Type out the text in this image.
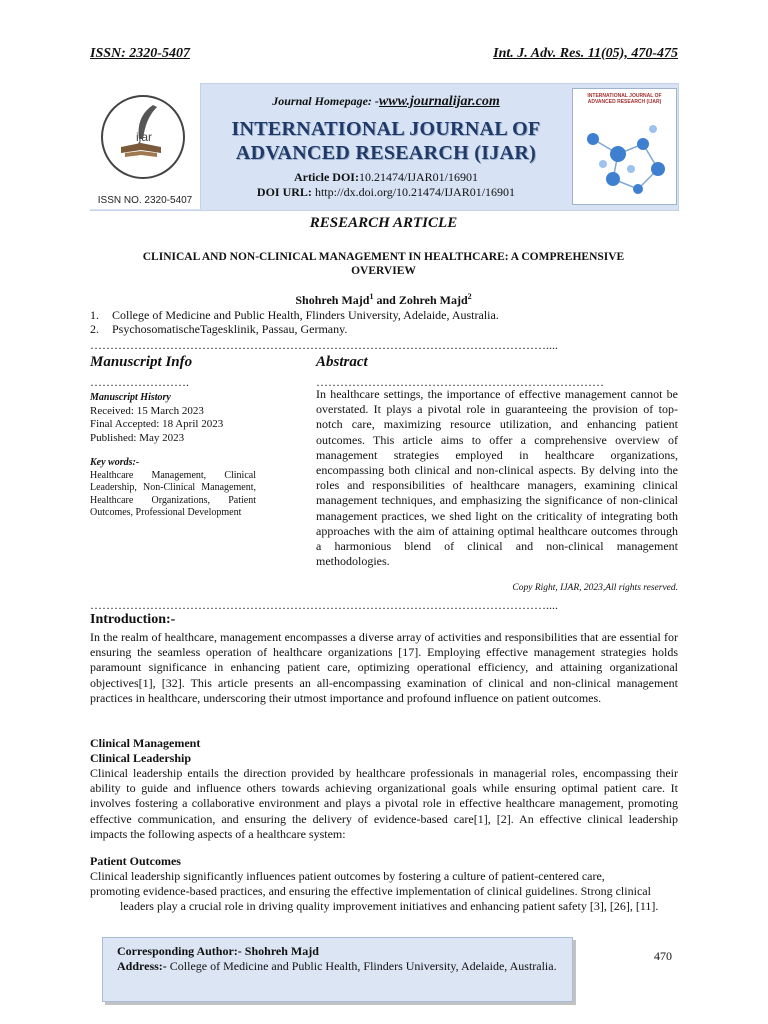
ISSN: 2320-5407	Int. J. Adv. Res. 11(05), 470-475
ijar
ISSN NO. 2320-5407
Journal Homepage: -www.journalijar.com
INTERNATIONAL JOURNAL OF
ADVANCED RESEARCH (IJAR)
Article DOI:10.21474/IJAR01/16901
DOI URL: http://dx.doi.org/10.21474/IJAR01/16901
INTERNATIONAL JOURNAL OF ADVANCED RESEARCH (IJAR)
RESEARCH ARTICLE
CLINICAL AND NON-CLINICAL MANAGEMENT IN HEALTHCARE: A COMPREHENSIVE OVERVIEW
Shohreh Majd$^1$ and Zohreh Majd$^2$
1.	College of Medicine and Public Health, Flinders University, Adelaide, Australia.
2.	PsychosomatischeTagesklinik, Passau, Germany.
……………………………………………………………………………………………………....
Manuscript Info
…………………….
Manuscript History
Received: 15 March 2023
Final Accepted: 18 April 2023
Published: May 2023
Key words:-
Healthcare Management, Clinical Leadership, Non-Clinical Management, Healthcare Organizations, Patient Outcomes, Professional Development
Abstract
………………………………………………………………
In healthcare settings, the importance of effective management cannot be overstated. It plays a pivotal role in guaranteeing the provision of top-notch care, maximizing resource utilization, and enhancing patient outcomes. This article aims to offer a comprehensive overview of management strategies employed in healthcare organizations, encompassing both clinical and non-clinical aspects. By delving into the roles and responsibilities of healthcare managers, examining clinical management techniques, and emphasizing the significance of non-clinical management practices, we shed light on the criticality of integrating both approaches with the aim of attaining optimal healthcare outcomes through a harmonious blend of clinical and non-clinical management methodologies.
Copy Right, IJAR, 2023,All rights reserved.
……………………………………………………………………………………………………....
Introduction:-
In the realm of healthcare, management encompasses a diverse array of activities and responsibilities that are essential for ensuring the seamless operation of healthcare organizations [17]. Employing effective management strategies holds paramount significance in enhancing patient care, optimizing operational efficiency, and attaining organizational objectives[1], [32]. This article presents an all-encompassing examination of clinical and non-clinical management practices in healthcare, underscoring their utmost importance and profound influence on patient outcomes.
Clinical Management
Clinical Leadership
Clinical leadership entails the direction provided by healthcare professionals in managerial roles, encompassing their ability to guide and influence others towards achieving organizational goals while ensuring optimal patient care. It involves fostering a collaborative environment and plays a pivotal role in effective healthcare management, promoting effective communication, and ensuring the delivery of evidence-based care[1], [2]. An effective clinical leadership impacts the following aspects of a healthcare system:
Patient Outcomes
Clinical leadership significantly influences patient outcomes by fostering a culture of patient-centered care,
promoting evidence-based practices, and ensuring the effective implementation of clinical guidelines. Strong clinical
leaders play a crucial role in driving quality improvement initiatives and enhancing patient safety [3], [26], [11].
Corresponding Author:- Shohreh Majd
Address:- College of Medicine and Public Health, Flinders University, Adelaide, Australia.
470
